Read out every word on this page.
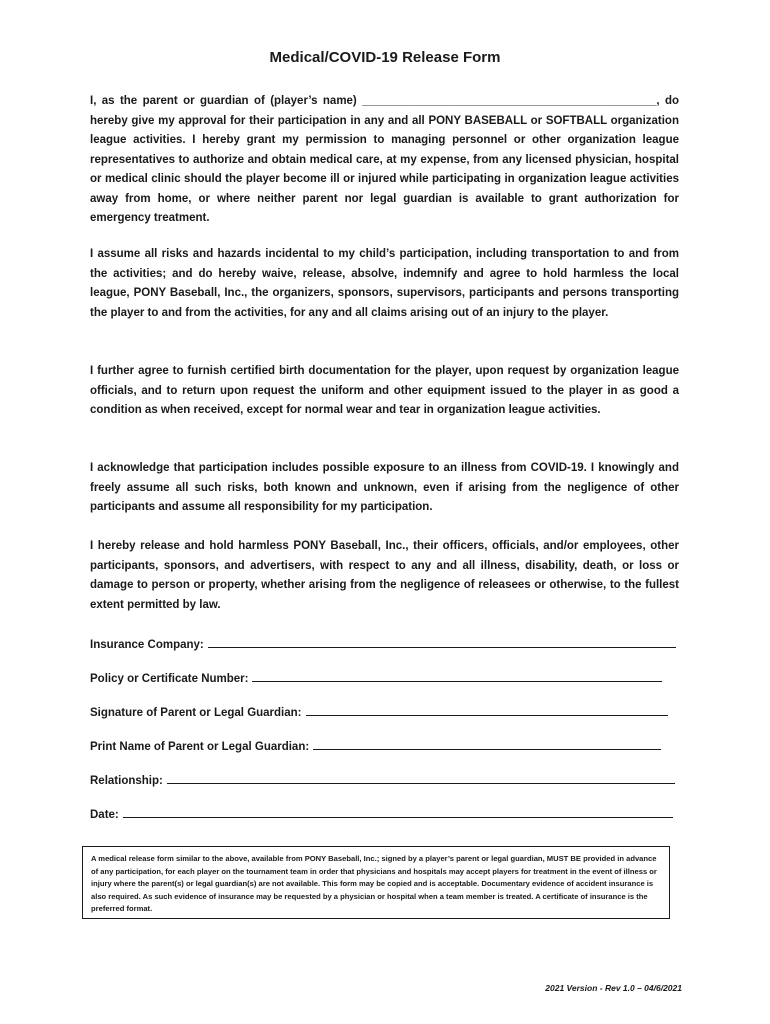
Medical/COVID-19 Release Form

I, as the parent or guardian of (player’s name) ______________________________________________, do hereby give my approval for their participation in any and all PONY BASEBALL or SOFTBALL organization league activities. I hereby grant my permission to managing personnel or other organization league representatives to authorize and obtain medical care, at my expense, from any licensed physician, hospital or medical clinic should the player become ill or injured while participating in organization league activities away from home, or where neither parent nor legal guardian is available to grant authorization for emergency treatment.

I assume all risks and hazards incidental to my child’s participation, including transportation to and from the activities; and do hereby waive, release, absolve, indemnify and agree to hold harmless the local league, PONY Baseball, Inc., the organizers, sponsors, supervisors, participants and persons transporting the player to and from the activities, for any and all claims arising out of an injury to the player.

I further agree to furnish certified birth documentation for the player, upon request by organization league officials, and to return upon request the uniform and other equipment issued to the player in as good a condition as when received, except for normal wear and tear in organization league activities.

I acknowledge that participation includes possible exposure to an illness from COVID-19. I knowingly and freely assume all such risks, both known and unknown, even if arising from the negligence of other participants and assume all responsibility for my participation.

I hereby release and hold harmless PONY Baseball, Inc., their officers, officials, and/or employees, other participants, sponsors, and advertisers, with respect to any and all illness, disability, death, or loss or damage to person or property, whether arising from the negligence of releasees or otherwise, to the fullest extent permitted by law.

Insurance Company:
Policy or Certificate Number:
Signature of Parent or Legal Guardian:
Print Name of Parent or Legal Guardian:
Relationship:
Date:
A medical release form similar to the above, available from PONY Baseball, Inc.; signed by a player’s parent or legal guardian, MUST BE provided in advance of any participation, for each player on the tournament team in order that physicians and hospitals may accept players for treatment in the event of illness or injury where the parent(s) or legal guardian(s) are not available. This form may be copied and is acceptable. Documentary evidence of accident insurance is also required. As such evidence of insurance may be requested by a physician or hospital when a team member is treated. A certificate of insurance is the preferred format.
2021 Version - Rev 1.0 – 04/6/2021
